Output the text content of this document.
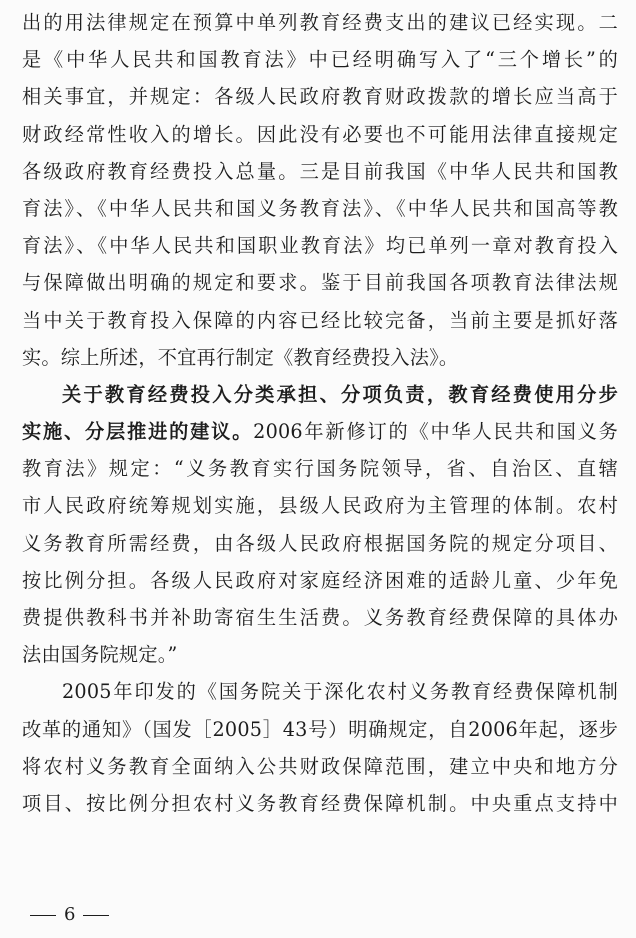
出的用法律规定在预算中单列教育经费支出的建议已经实现。二
是《中华人民共和国教育法》中已经明确写入了“三个增长”的
相关事宜，并规定：各级人民政府教育财政拨款的增长应当高于
财政经常性收入的增长。因此没有必要也不可能用法律直接规定
各级政府教育经费投入总量。三是目前我国《中华人民共和国教
育法》、《中华人民共和国义务教育法》、《中华人民共和国高等教
育法》、《中华人民共和国职业教育法》均已单列一章对教育投入
与保障做出明确的规定和要求。鉴于目前我国各项教育法律法规
当中关于教育投入保障的内容已经比较完备，当前主要是抓好落
实。综上所述，不宜再行制定《教育经费投入法》。
关于教育经费投入分类承担、分项负责，教育经费使用分步
实施、分层推进的建议。2006年新修订的《中华人民共和国义务
教育法》规定：“义务教育实行国务院领导，省、自治区、直辖
市人民政府统筹规划实施，县级人民政府为主管理的体制。农村
义务教育所需经费，由各级人民政府根据国务院的规定分项目、
按比例分担。各级人民政府对家庭经济困难的适龄儿童、少年免
费提供教科书并补助寄宿生生活费。义务教育经费保障的具体办
法由国务院规定。”
2005年印发的《国务院关于深化农村义务教育经费保障机制
改革的通知》（国发［2005］43号）明确规定，自2006年起，逐步
将农村义务教育全面纳入公共财政保障范围，建立中央和地方分
项目、按比例分担农村义务教育经费保障机制。中央重点支持中
6
